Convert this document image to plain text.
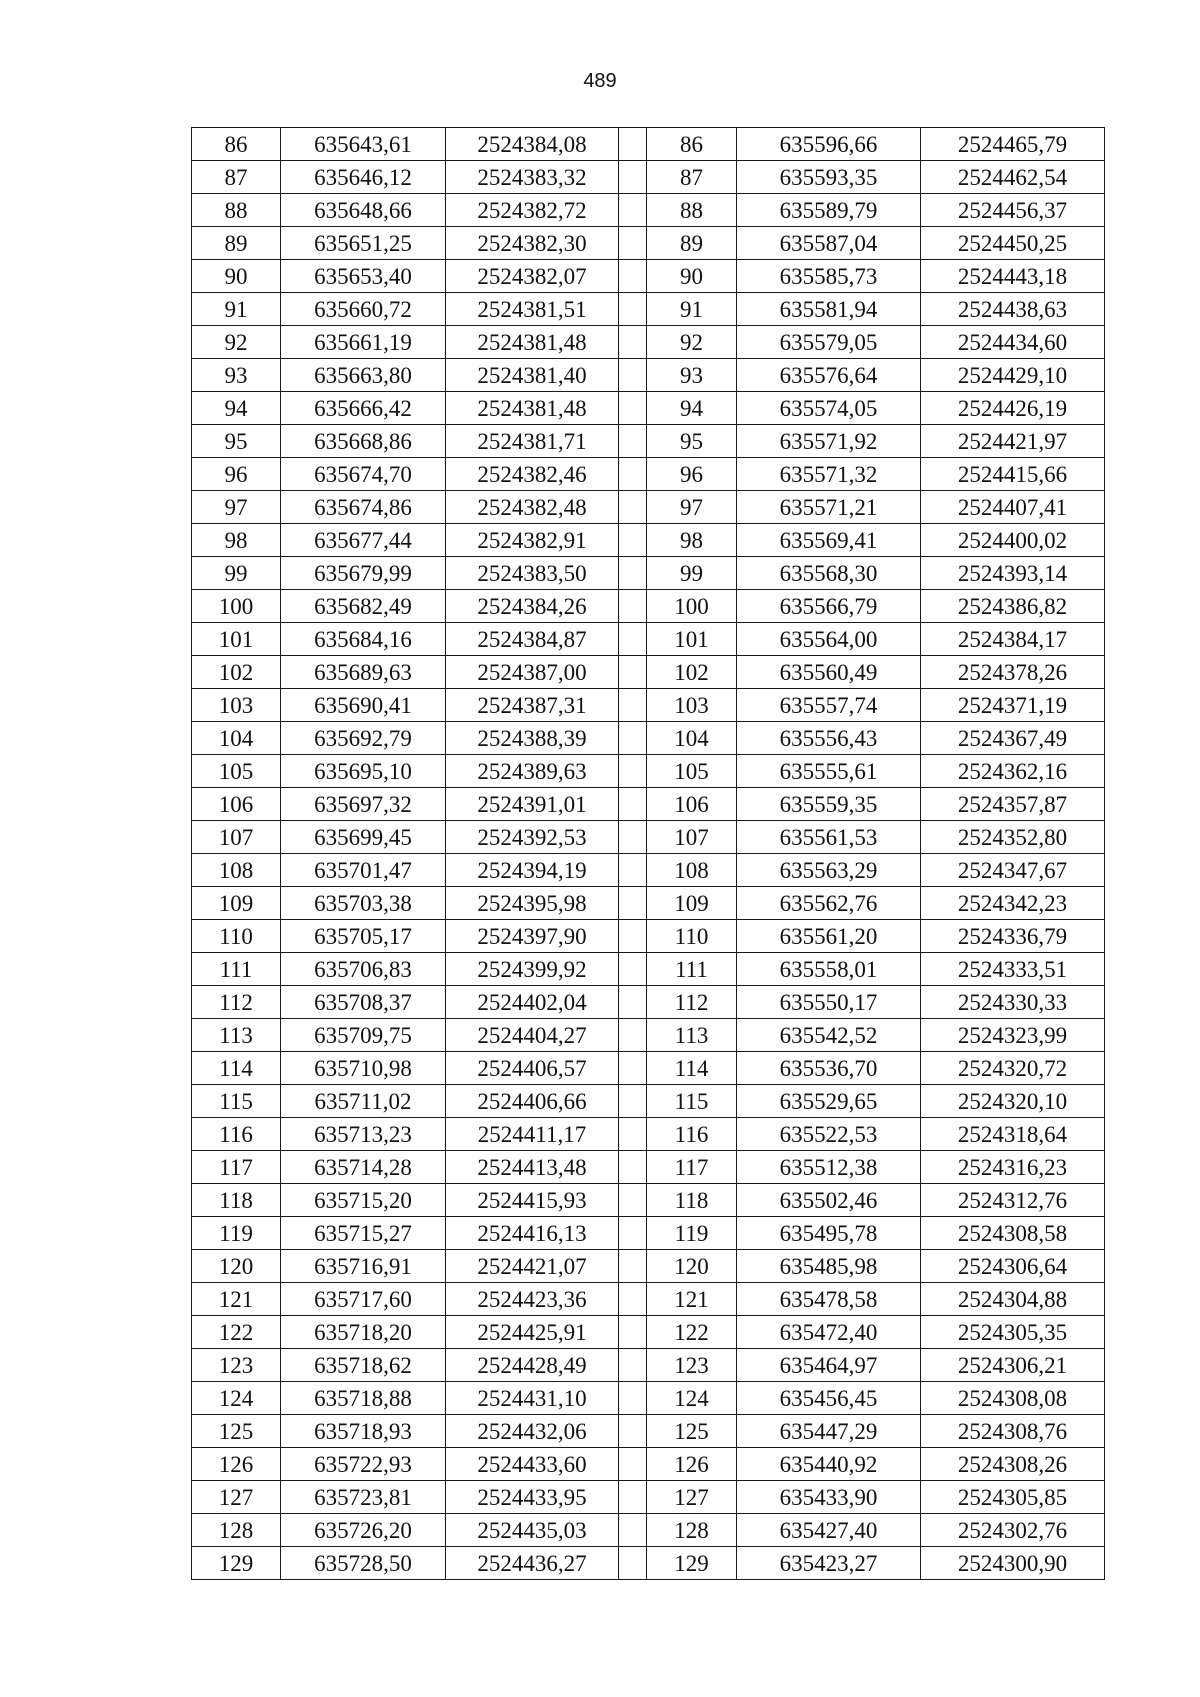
489
86	635643,61	2524384,08		86	635596,66	2524465,79
87	635646,12	2524383,32		87	635593,35	2524462,54
88	635648,66	2524382,72		88	635589,79	2524456,37
89	635651,25	2524382,30		89	635587,04	2524450,25
90	635653,40	2524382,07		90	635585,73	2524443,18
91	635660,72	2524381,51		91	635581,94	2524438,63
92	635661,19	2524381,48		92	635579,05	2524434,60
93	635663,80	2524381,40		93	635576,64	2524429,10
94	635666,42	2524381,48		94	635574,05	2524426,19
95	635668,86	2524381,71		95	635571,92	2524421,97
96	635674,70	2524382,46		96	635571,32	2524415,66
97	635674,86	2524382,48		97	635571,21	2524407,41
98	635677,44	2524382,91		98	635569,41	2524400,02
99	635679,99	2524383,50		99	635568,30	2524393,14
100	635682,49	2524384,26		100	635566,79	2524386,82
101	635684,16	2524384,87		101	635564,00	2524384,17
102	635689,63	2524387,00		102	635560,49	2524378,26
103	635690,41	2524387,31		103	635557,74	2524371,19
104	635692,79	2524388,39		104	635556,43	2524367,49
105	635695,10	2524389,63		105	635555,61	2524362,16
106	635697,32	2524391,01		106	635559,35	2524357,87
107	635699,45	2524392,53		107	635561,53	2524352,80
108	635701,47	2524394,19		108	635563,29	2524347,67
109	635703,38	2524395,98		109	635562,76	2524342,23
110	635705,17	2524397,90		110	635561,20	2524336,79
111	635706,83	2524399,92		111	635558,01	2524333,51
112	635708,37	2524402,04		112	635550,17	2524330,33
113	635709,75	2524404,27		113	635542,52	2524323,99
114	635710,98	2524406,57		114	635536,70	2524320,72
115	635711,02	2524406,66		115	635529,65	2524320,10
116	635713,23	2524411,17		116	635522,53	2524318,64
117	635714,28	2524413,48		117	635512,38	2524316,23
118	635715,20	2524415,93		118	635502,46	2524312,76
119	635715,27	2524416,13		119	635495,78	2524308,58
120	635716,91	2524421,07		120	635485,98	2524306,64
121	635717,60	2524423,36		121	635478,58	2524304,88
122	635718,20	2524425,91		122	635472,40	2524305,35
123	635718,62	2524428,49		123	635464,97	2524306,21
124	635718,88	2524431,10		124	635456,45	2524308,08
125	635718,93	2524432,06		125	635447,29	2524308,76
126	635722,93	2524433,60		126	635440,92	2524308,26
127	635723,81	2524433,95		127	635433,90	2524305,85
128	635726,20	2524435,03		128	635427,40	2524302,76
129	635728,50	2524436,27		129	635423,27	2524300,90
